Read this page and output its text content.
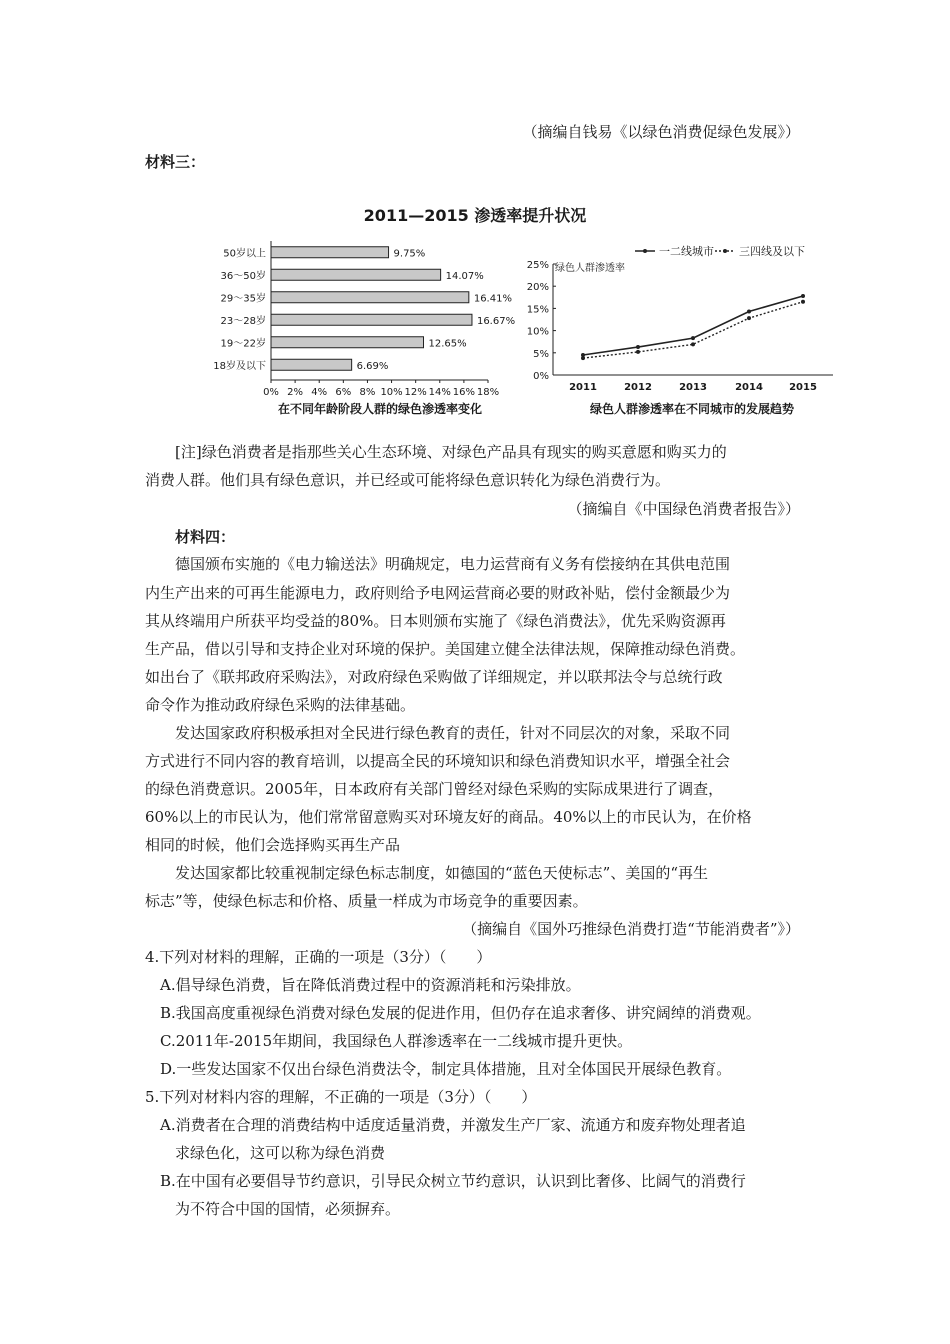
（摘编自钱易《以绿色消费促绿色发展》）
材料三：
2011—2015 渗透率提升状况
0% 2% 4% 6% 8% 10% 12% 14% 16% 18%
50岁以上	9.75%
36～50岁	14.07%
29～35岁	16.41%
23～28岁	16.67%
19～22岁	12.65%
18岁及以下	6.69%
在不同年龄阶段人群的绿色渗透率变化
0%
5%
10%
15%
20%
25%
2011	2012	2013	2014	2015
一二线城市 三四线及以下
绿色人群渗透率
绿色人群渗透率在不同城市的发展趋势
[注]绿色消费者是指那些关心生态环境、对绿色产品具有现实的购买意愿和购买力的
消费人群。他们具有绿色意识，并已经或可能将绿色意识转化为绿色消费行为。
（摘编自《中国绿色消费者报告》）
材料四：
德国颁布实施的《电力输送法》明确规定，电力运营商有义务有偿接纳在其供电范围
内生产出来的可再生能源电力，政府则给予电网运营商必要的财政补贴，偿付金额最少为
其从终端用户所获平均受益的80%。日本则颁布实施了《绿色消费法》，优先采购资源再
生产品，借以引导和支持企业对环境的保护。美国建立健全法律法规，保障推动绿色消费。
如出台了《联邦政府采购法》，对政府绿色采购做了详细规定，并以联邦法令与总统行政
命令作为推动政府绿色采购的法律基础。
发达国家政府积极承担对全民进行绿色教育的责任，针对不同层次的对象，采取不同
方式进行不同内容的教育培训，以提高全民的环境知识和绿色消费知识水平，增强全社会
的绿色消费意识。2005年，日本政府有关部门曾经对绿色采购的实际成果进行了调查，
60%以上的市民认为，他们常常留意购买对环境友好的商品。40%以上的市民认为，在价格
相同的时候，他们会选择购买再生产品
发达国家都比较重视制定绿色标志制度，如德国的“蓝色天使标志”、美国的“再生
标志”等，使绿色标志和价格、质量一样成为市场竞争的重要因素。
（摘编自《国外巧推绿色消费打造“节能消费者”》）
4.下列对材料的理解，正确的一项是（3分）（　　）
A.倡导绿色消费，旨在降低消费过程中的资源消耗和污染排放。
B.我国高度重视绿色消费对绿色发展的促进作用，但仍存在追求奢侈、讲究阔绰的消费观。
C.2011年-2015年期间，我国绿色人群渗透率在一二线城市提升更快。
D.一些发达国家不仅出台绿色消费法令，制定具体措施，且对全体国民开展绿色教育。
5.下列对材料内容的理解，不正确的一项是（3分）（　　）
A.消费者在合理的消费结构中适度适量消费，并激发生产厂家、流通方和废弃物处理者追
求绿色化，这可以称为绿色消费
B.在中国有必要倡导节约意识，引导民众树立节约意识，认识到比奢侈、比阔气的消费行
为不符合中国的国情，必须摒弃。
